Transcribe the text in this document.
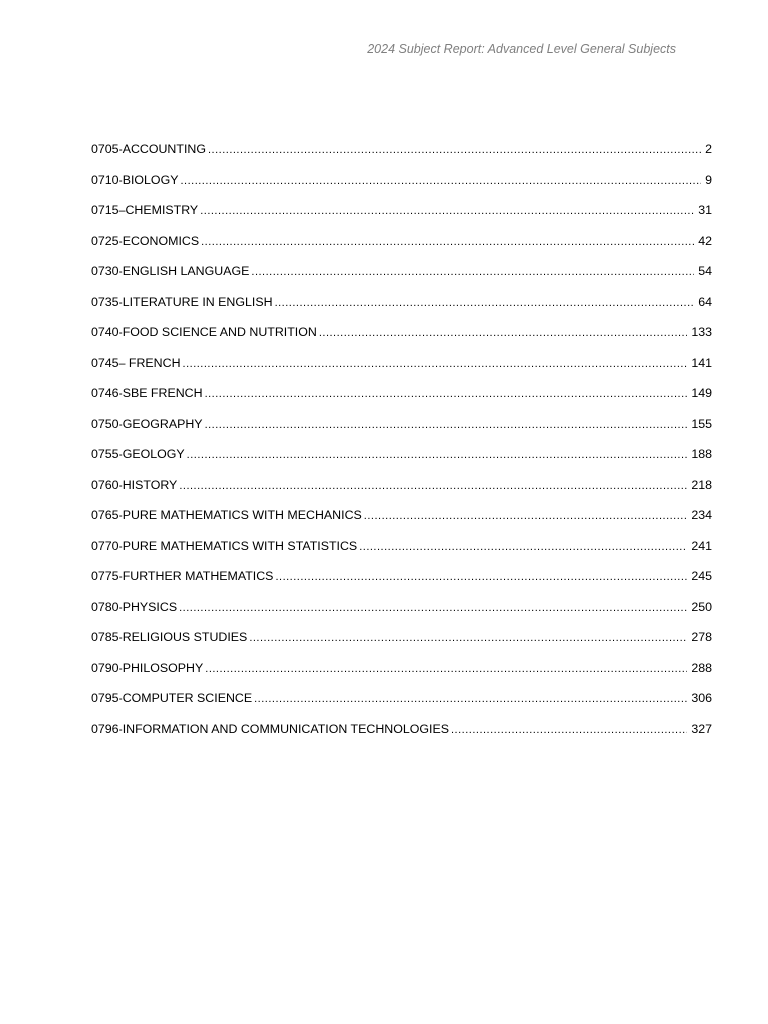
2024 Subject Report: Advanced Level General Subjects
0705-ACCOUNTING .....	2
0710-BIOLOGY .....	9
0715–CHEMISTRY .....	31
0725-ECONOMICS .....	42
0730-ENGLISH LANGUAGE .....	54
0735-LITERATURE IN ENGLISH .....	64
0740-FOOD SCIENCE AND NUTRITION .....	133
0745– FRENCH .....	141
0746-SBE FRENCH .....	149
0750-GEOGRAPHY .....	155
0755-GEOLOGY .....	188
0760-HISTORY .....	218
0765-PURE MATHEMATICS WITH MECHANICS .....	234
0770-PURE MATHEMATICS WITH STATISTICS .....	241
0775-FURTHER MATHEMATICS .....	245
0780-PHYSICS .....	250
0785-RELIGIOUS STUDIES .....	278
0790-PHILOSOPHY .....	288
0795-COMPUTER SCIENCE .....	306
0796-INFORMATION AND COMMUNICATION TECHNOLOGIES .....	327
